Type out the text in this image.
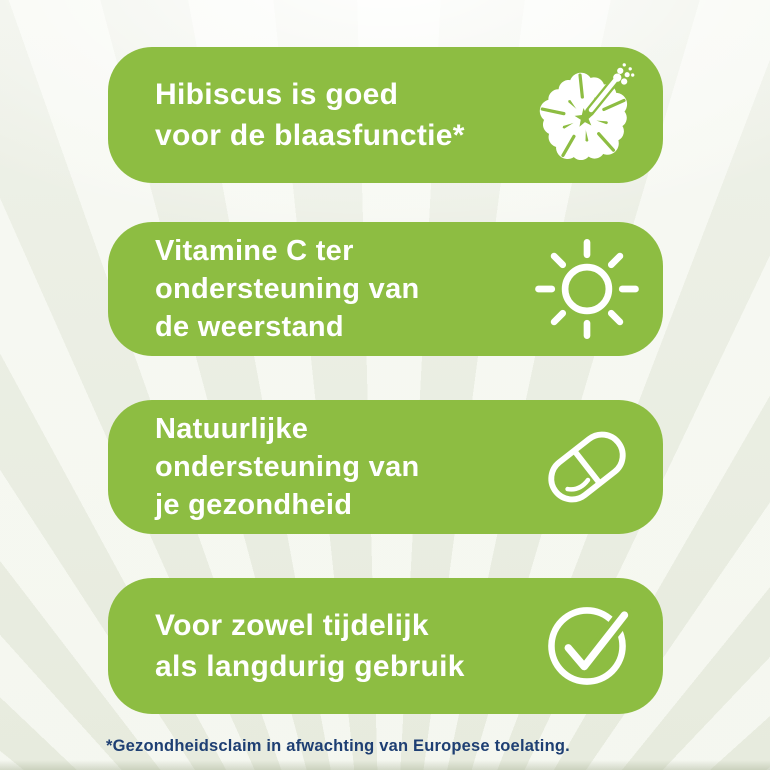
Hibiscus is goed
voor de blaasfunctie*
Vitamine C ter
ondersteuning van
de weerstand
Natuurlijke
ondersteuning van
je gezondheid
Voor zowel tijdelijk
als langdurig gebruik
*Gezondheidsclaim in afwachting van Europese toelating.
